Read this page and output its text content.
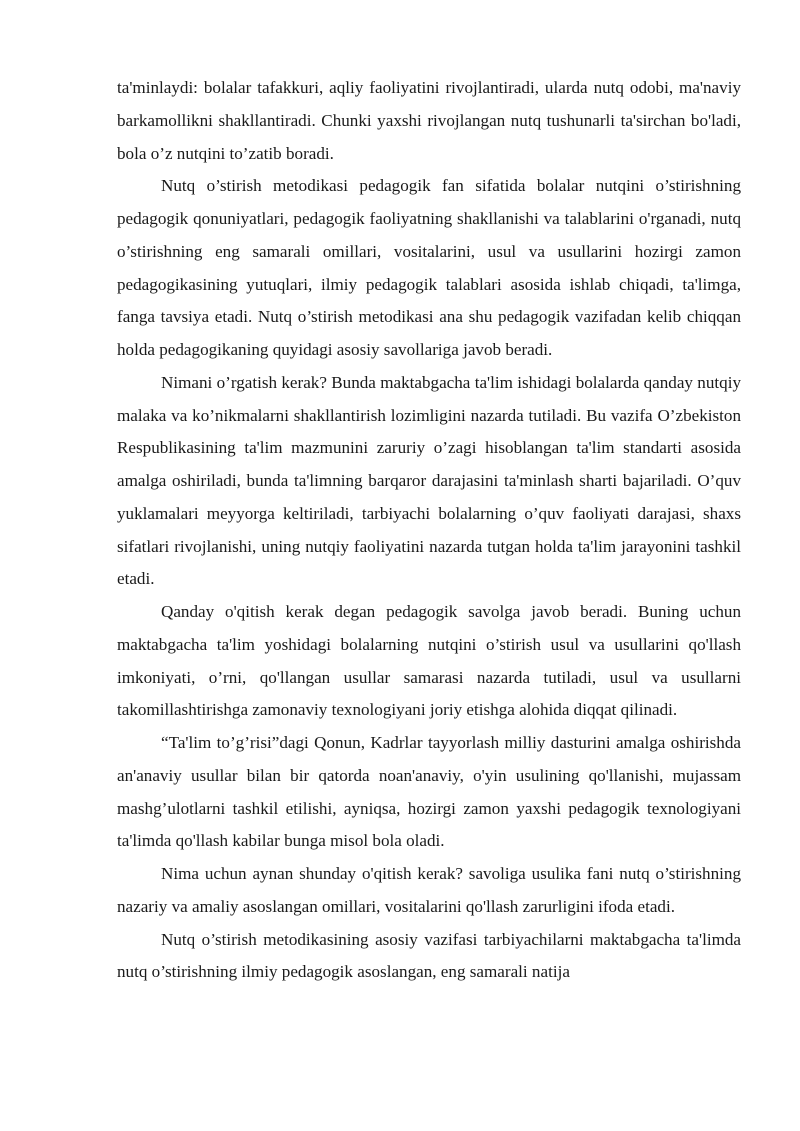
ta'minlaydi: bolalar tafakkuri, aqliy faoliyatini rivojlantiradi, ularda nutq odobi, ma'naviy barkamollikni shakllantiradi. Chunki yaxshi rivojlangan nutq tushunarli ta'sirchan bo'ladi, bola o’z nutqini to’zatib boradi.

Nutq o’stirish metodikasi pedagogik fan sifatida bolalar nutqini o’stirishning pedagogik qonuniyatlari, pedagogik faoliyatning shakllanishi va talablarini o'rganadi, nutq o’stirishning eng samarali omillari, vositalarini, usul va usullarini hozirgi zamon pedagogikasining yutuqlari, ilmiy pedagogik talablari asosida ishlab chiqadi, ta'limga, fanga tavsiya etadi. Nutq o’stirish metodikasi ana shu pedagogik vazifadan kelib chiqqan holda pedagogikaning quyidagi asosiy savollariga javob beradi.

Nimani o’rgatish kerak? Bunda maktabgacha ta'lim ishidagi bolalarda qanday nutqiy malaka va ko’nikmalarni shakllantirish lozimligini nazarda tutiladi. Bu vazifa O’zbekiston Respublikasining ta'lim mazmunini zaruriy o’zagi hisoblangan ta'lim standarti asosida amalga oshiriladi, bunda ta'limning barqaror darajasini ta'minlash sharti bajariladi. O’quv yuklamalari meyyorga keltiriladi, tarbiyachi bolalarning o’quv faoliyati darajasi, shaxs sifatlari rivojlanishi, uning nutqiy faoliyatini nazarda tutgan holda ta'lim jarayonini tashkil etadi.

Qanday o'qitish kerak degan pedagogik savolga javob beradi. Buning uchun maktabgacha ta'lim yoshidagi bolalarning nutqini o’stirish usul va usullarini qo'llash imkoniyati, o’rni, qo'llangan usullar samarasi nazarda tutiladi, usul va usullarni takomillashtirishga zamonaviy texnologiyani joriy etishga alohida diqqat qilinadi.

“Ta'lim to’g’risi”dagi Qonun, Kadrlar tayyorlash milliy dasturini amalga oshirishda an'anaviy usullar bilan bir qatorda noan'anaviy, o'yin usulining qo'llanishi, mujassam mashg’ulotlarni tashkil etilishi, ayniqsa, hozirgi zamon yaxshi pedagogik texnologiyani ta'limda qo'llash kabilar bunga misol bola oladi.

Nima uchun aynan shunday o'qitish kerak? savoliga usulika fani nutq o’stirishning nazariy va amaliy asoslangan omillari, vositalarini qo'llash zarurligini ifoda etadi.

Nutq o’stirish metodikasining asosiy vazifasi tarbiyachilarni maktabgacha ta'limda nutq o’stirishning ilmiy pedagogik asoslangan, eng samarali natija
